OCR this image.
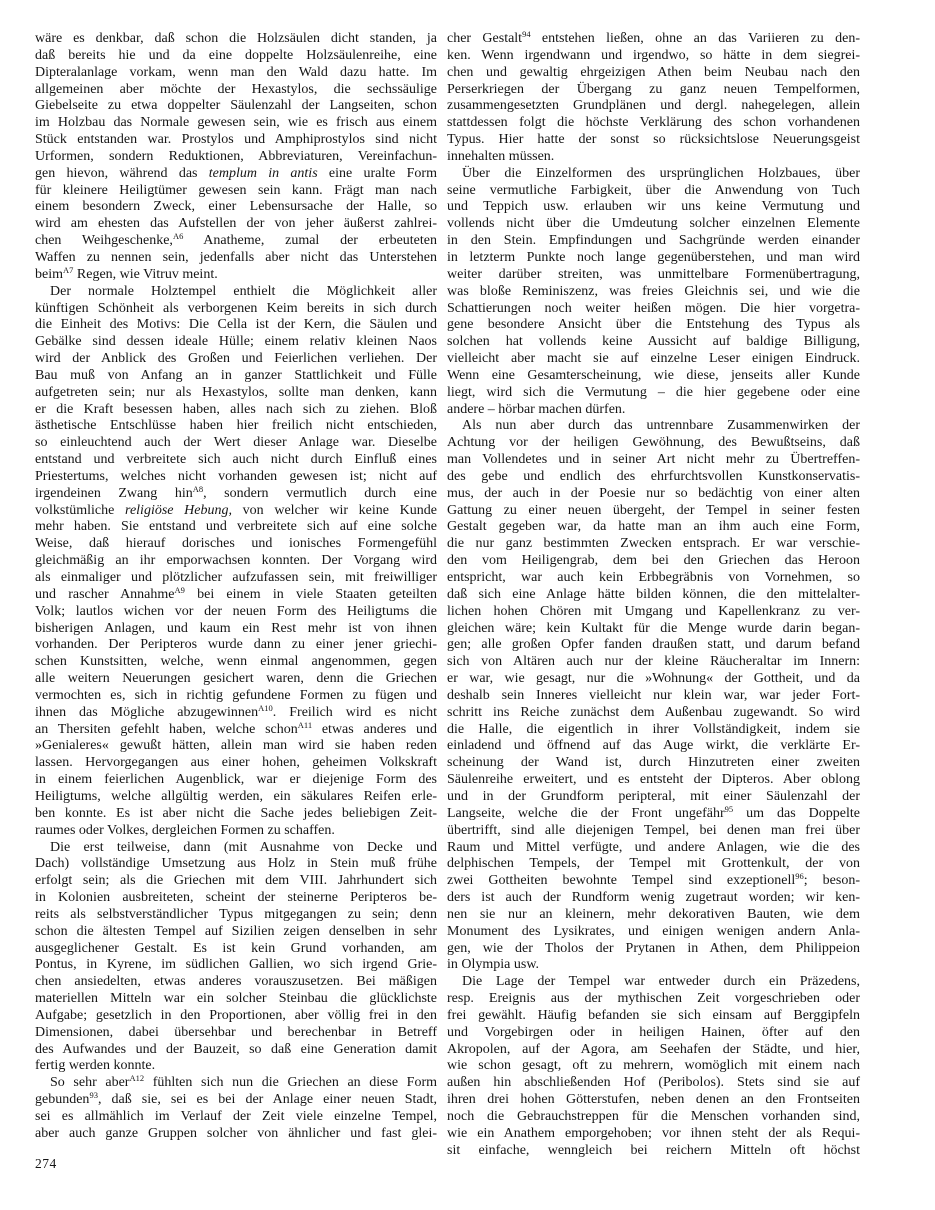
wäre es denkbar, daß schon die Holzsäulen dicht standen, ja
daß bereits hie und da eine doppelte Holzsäulenreihe, eine
Dipteralanlage vorkam, wenn man den Wald dazu hatte. Im
allgemeinen aber möchte der Hexastylos, die sechssäulige
Giebelseite zu etwa doppelter Säulenzahl der Langseiten, schon
im Holzbau das Normale gewesen sein, wie es frisch aus einem
Stück entstanden war. Prostylos und Amphiprostylos sind nicht
Urformen, sondern Reduktionen, Abbreviaturen, Vereinfachun-
gen hievon, während das templum in antis eine uralte Form
für kleinere Heiligtümer gewesen sein kann. Frägt man nach
einem besondern Zweck, einer Lebensursache der Halle, so
wird am ehesten das Aufstellen der von jeher äußerst zahlrei-
chen Weihgeschenke,$^{A6}$ Anatheme, zumal der erbeuteten
Waffen zu nennen sein, jedenfalls aber nicht das Unterstehen
beim$^{A7}$ Regen, wie Vitruv meint.
Der normale Holztempel enthielt die Möglichkeit aller
künftigen Schönheit als verborgenen Keim bereits in sich durch
die Einheit des Motivs: Die Cella ist der Kern, die Säulen und
Gebälke sind dessen ideale Hülle; einem relativ kleinen Naos
wird der Anblick des Großen und Feierlichen verliehen. Der
Bau muß von Anfang an in ganzer Stattlichkeit und Fülle
aufgetreten sein; nur als Hexastylos, sollte man denken, kann
er die Kraft besessen haben, alles nach sich zu ziehen. Bloß
ästhetische Entschlüsse haben hier freilich nicht entschieden,
so einleuchtend auch der Wert dieser Anlage war. Dieselbe
entstand und verbreitete sich auch nicht durch Einfluß eines
Priestertums, welches nicht vorhanden gewesen ist; nicht auf
irgendeinen Zwang hin$^{A8}$, sondern vermutlich durch eine
volkstümliche religiöse Hebung, von welcher wir keine Kunde
mehr haben. Sie entstand und verbreitete sich auf eine solche
Weise, daß hierauf dorisches und ionisches Formengefühl
gleichmäßig an ihr emporwachsen konnten. Der Vorgang wird
als einmaliger und plötzlicher aufzufassen sein, mit freiwilliger
und rascher Annahme$^{A9}$ bei einem in viele Staaten geteilten
Volk; lautlos wichen vor der neuen Form des Heiligtums die
bisherigen Anlagen, und kaum ein Rest mehr ist von ihnen
vorhanden. Der Peripteros wurde dann zu einer jener griechi-
schen Kunstsitten, welche, wenn einmal angenommen, gegen
alle weitern Neuerungen gesichert waren, denn die Griechen
vermochten es, sich in richtig gefundene Formen zu fügen und
ihnen das Mögliche abzugewinnen$^{A10}$. Freilich wird es nicht
an Thersiten gefehlt haben, welche schon$^{A11}$ etwas anderes und
»Genialeres« gewußt hätten, allein man wird sie haben reden
lassen. Hervorgegangen aus einer hohen, geheimen Volkskraft
in einem feierlichen Augenblick, war er diejenige Form des
Heiligtums, welche allgültig werden, ein säkulares Reifen erle-
ben konnte. Es ist aber nicht die Sache jedes beliebigen Zeit-
raumes oder Volkes, dergleichen Formen zu schaffen.
Die erst teilweise, dann (mit Ausnahme von Decke und
Dach) vollständige Umsetzung aus Holz in Stein muß frühe
erfolgt sein; als die Griechen mit dem VIII. Jahrhundert sich
in Kolonien ausbreiteten, scheint der steinerne Peripteros be-
reits als selbstverständlicher Typus mitgegangen zu sein; denn
schon die ältesten Tempel auf Sizilien zeigen denselben in sehr
ausgeglichener Gestalt. Es ist kein Grund vorhanden, am
Pontus, in Kyrene, im südlichen Gallien, wo sich irgend Grie-
chen ansiedelten, etwas anderes vorauszusetzen. Bei mäßigen
materiellen Mitteln war ein solcher Steinbau die glücklichste
Aufgabe; gesetzlich in den Proportionen, aber völlig frei in den
Dimensionen, dabei übersehbar und berechenbar in Betreff
des Aufwandes und der Bauzeit, so daß eine Generation damit
fertig werden konnte.
So sehr aber$^{A12}$ fühlten sich nun die Griechen an diese Form
gebunden$^{93}$, daß sie, sei es bei der Anlage einer neuen Stadt,
sei es allmählich im Verlauf der Zeit viele einzelne Tempel,
aber auch ganze Gruppen solcher von ähnlicher und fast glei-
cher Gestalt$^{94}$ entstehen ließen, ohne an das Variieren zu den-
ken. Wenn irgendwann und irgendwo, so hätte in dem siegrei-
chen und gewaltig ehrgeizigen Athen beim Neubau nach den
Perserkriegen der Übergang zu ganz neuen Tempelformen,
zusammengesetzten Grundplänen und dergl. nahegelegen, allein
stattdessen folgt die höchste Verklärung des schon vorhandenen
Typus. Hier hatte der sonst so rücksichtslose Neuerungsgeist
innehalten müssen.
Über die Einzelformen des ursprünglichen Holzbaues, über
seine vermutliche Farbigkeit, über die Anwendung von Tuch
und Teppich usw. erlauben wir uns keine Vermutung und
vollends nicht über die Umdeutung solcher einzelnen Elemente
in den Stein. Empfindungen und Sachgründe werden einander
in letzterm Punkte noch lange gegenüberstehen, und man wird
weiter darüber streiten, was unmittelbare Formenübertragung,
was bloße Reminiszenz, was freies Gleichnis sei, und wie die
Schattierungen noch weiter heißen mögen. Die hier vorgetra-
gene besondere Ansicht über die Entstehung des Typus als
solchen hat vollends keine Aussicht auf baldige Billigung,
vielleicht aber macht sie auf einzelne Leser einigen Eindruck.
Wenn eine Gesamterscheinung, wie diese, jenseits aller Kunde
liegt, wird sich die Vermutung – die hier gegebene oder eine
andere – hörbar machen dürfen.
Als nun aber durch das untrennbare Zusammenwirken der
Achtung vor der heiligen Gewöhnung, des Bewußtseins, daß
man Vollendetes und in seiner Art nicht mehr zu Übertreffen-
des gebe und endlich des ehrfurchtsvollen Kunstkonservatis-
mus, der auch in der Poesie nur so bedächtig von einer alten
Gattung zu einer neuen übergeht, der Tempel in seiner festen
Gestalt gegeben war, da hatte man an ihm auch eine Form,
die nur ganz bestimmten Zwecken entsprach. Er war verschie-
den vom Heiligengrab, dem bei den Griechen das Heroon
entspricht, war auch kein Erbbegräbnis von Vornehmen, so
daß sich eine Anlage hätte bilden können, die den mittelalter-
lichen hohen Chören mit Umgang und Kapellenkranz zu ver-
gleichen wäre; kein Kultakt für die Menge wurde darin began-
gen; alle großen Opfer fanden draußen statt, und darum befand
sich von Altären auch nur der kleine Räucheraltar im Innern:
er war, wie gesagt, nur die »Wohnung« der Gottheit, und da
deshalb sein Inneres vielleicht nur klein war, war jeder Fort-
schritt ins Reiche zunächst dem Außenbau zugewandt. So wird
die Halle, die eigentlich in ihrer Vollständigkeit, indem sie
einladend und öffnend auf das Auge wirkt, die verklärte Er-
scheinung der Wand ist, durch Hinzutreten einer zweiten
Säulenreihe erweitert, und es entsteht der Dipteros. Aber oblong
und in der Grundform peripteral, mit einer Säulenzahl der
Langseite, welche die der Front ungefähr$^{95}$ um das Doppelte
übertrifft, sind alle diejenigen Tempel, bei denen man frei über
Raum und Mittel verfügte, und andere Anlagen, wie die des
delphischen Tempels, der Tempel mit Grottenkult, der von
zwei Gottheiten bewohnte Tempel sind exzeptionell$^{96}$; beson-
ders ist auch der Rundform wenig zugetraut worden; wir ken-
nen sie nur an kleinern, mehr dekorativen Bauten, wie dem
Monument des Lysikrates, und einigen wenigen andern Anla-
gen, wie der Tholos der Prytanen in Athen, dem Philippeion
in Olympia usw.
Die Lage der Tempel war entweder durch ein Präzedens,
resp. Ereignis aus der mythischen Zeit vorgeschrieben oder
frei gewählt. Häufig befanden sie sich einsam auf Berggipfeln
und Vorgebirgen oder in heiligen Hainen, öfter auf den
Akropolen, auf der Agora, am Seehafen der Städte, und hier,
wie schon gesagt, oft zu mehrern, womöglich mit einem nach
außen hin abschließenden Hof (Peribolos). Stets sind sie auf
ihren drei hohen Götterstufen, neben denen an den Frontseiten
noch die Gebrauchstreppen für die Menschen vorhanden sind,
wie ein Anathem emporgehoben; vor ihnen steht der als Requi-
sit einfache, wenngleich bei reichern Mitteln oft höchst
274
